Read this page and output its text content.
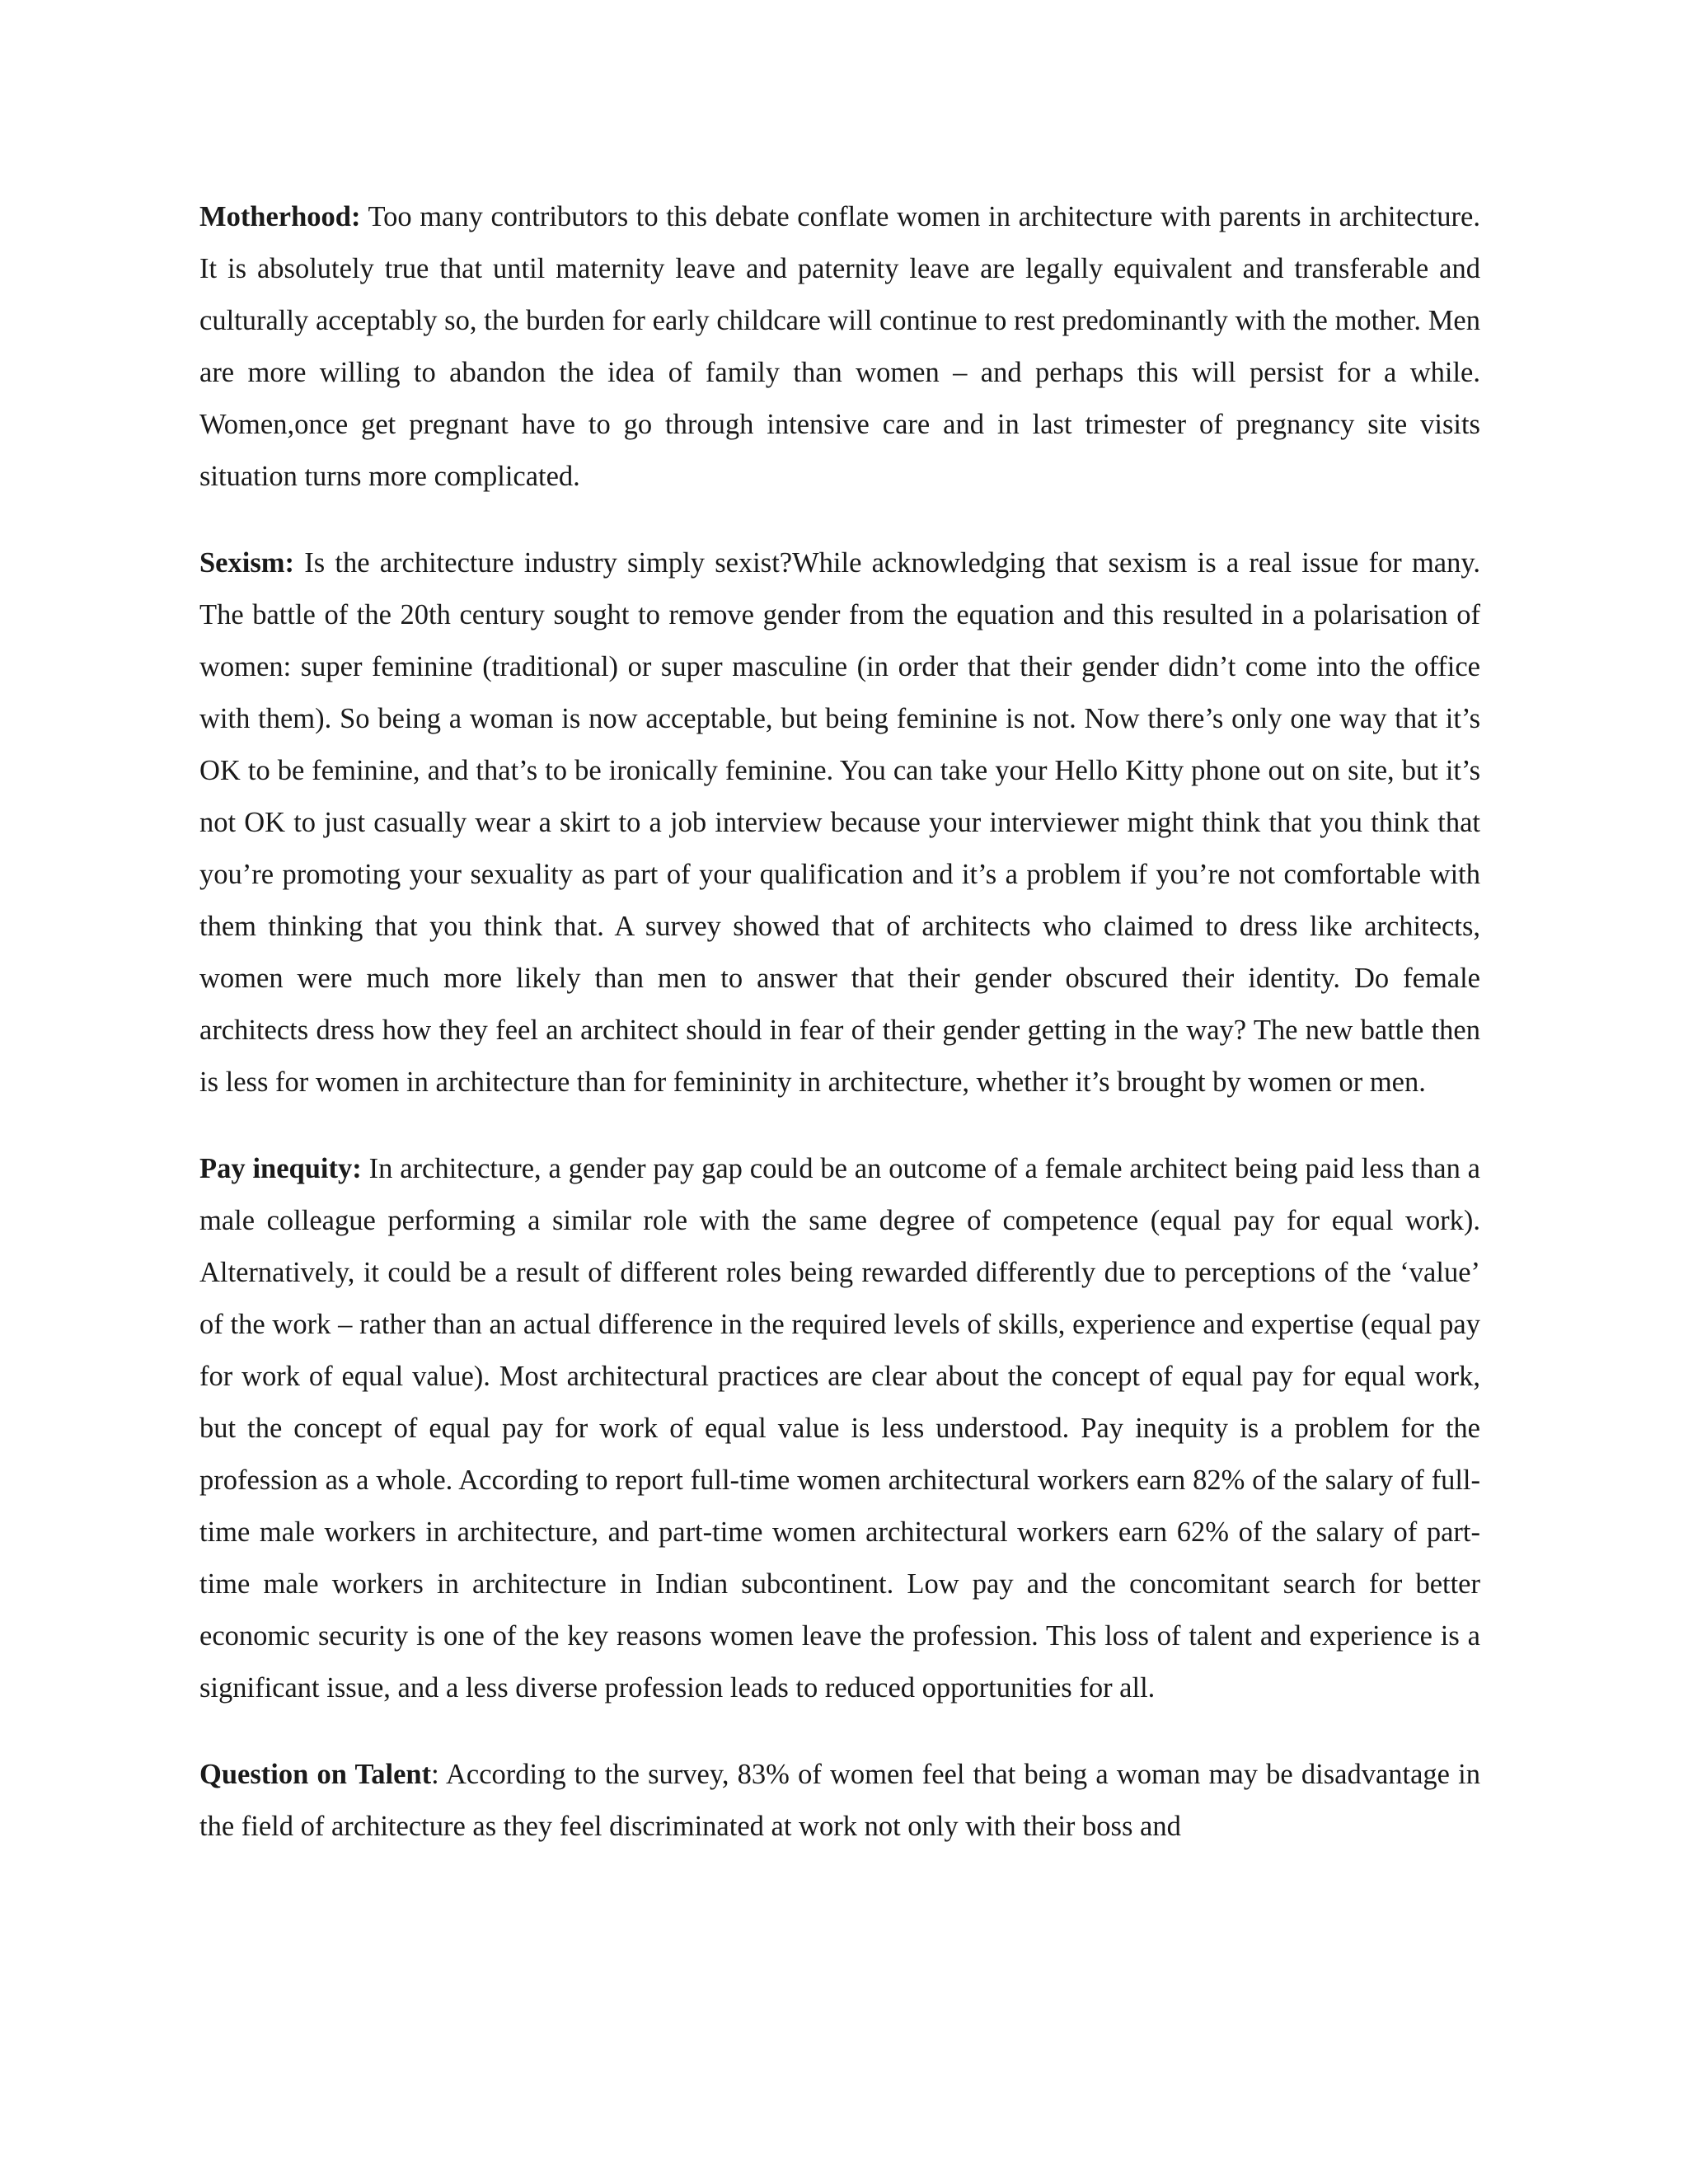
Motherhood: Too many contributors to this debate conflate women in architecture with parents in architecture. It is absolutely true that until maternity leave and paternity leave are legally equivalent and transferable and culturally acceptably so, the burden for early childcare will continue to rest predominantly with the mother. Men are more willing to abandon the idea of family than women – and perhaps this will persist for a while. Women,once get pregnant have to go through intensive care and in last trimester of pregnancy site visits situation turns more complicated.

Sexism: Is the architecture industry simply sexist?While acknowledging that sexism is a real issue for many. The battle of the 20th century sought to remove gender from the equation and this resulted in a polarisation of women: super feminine (traditional) or super masculine (in order that their gender didn’t come into the office with them). So being a woman is now acceptable, but being feminine is not. Now there’s only one way that it’s OK to be feminine, and that’s to be ironically feminine. You can take your Hello Kitty phone out on site, but it’s not OK to just casually wear a skirt to a job interview because your interviewer might think that you think that you’re promoting your sexuality as part of your qualification and it’s a problem if you’re not comfortable with them thinking that you think that. A survey showed that of architects who claimed to dress like architects, women were much more likely than men to answer that their gender obscured their identity. Do female architects dress how they feel an architect should in fear of their gender getting in the way? The new battle then is less for women in architecture than for femininity in architecture, whether it’s brought by women or men.

Pay inequity: In architecture, a gender pay gap could be an outcome of a female architect being paid less than a male colleague performing a similar role with the same degree of competence (equal pay for equal work). Alternatively, it could be a result of different roles being rewarded differently due to perceptions of the ‘value’ of the work – rather than an actual difference in the required levels of skills, experience and expertise (equal pay for work of equal value). Most architectural practices are clear about the concept of equal pay for equal work, but the concept of equal pay for work of equal value is less understood. Pay inequity is a problem for the profession as a whole. According to report full-time women architectural workers earn 82% of the salary of full-time male workers in architecture, and part-time women architectural workers earn 62% of the salary of part-time male workers in architecture in Indian subcontinent. Low pay and the concomitant search for better economic security is one of the key reasons women leave the profession. This loss of talent and experience is a significant issue, and a less diverse profession leads to reduced opportunities for all.

Question on Talent: According to the survey, 83% of women feel that being a woman may be disadvantage in the field of architecture as they feel discriminated at work not only with their boss and
